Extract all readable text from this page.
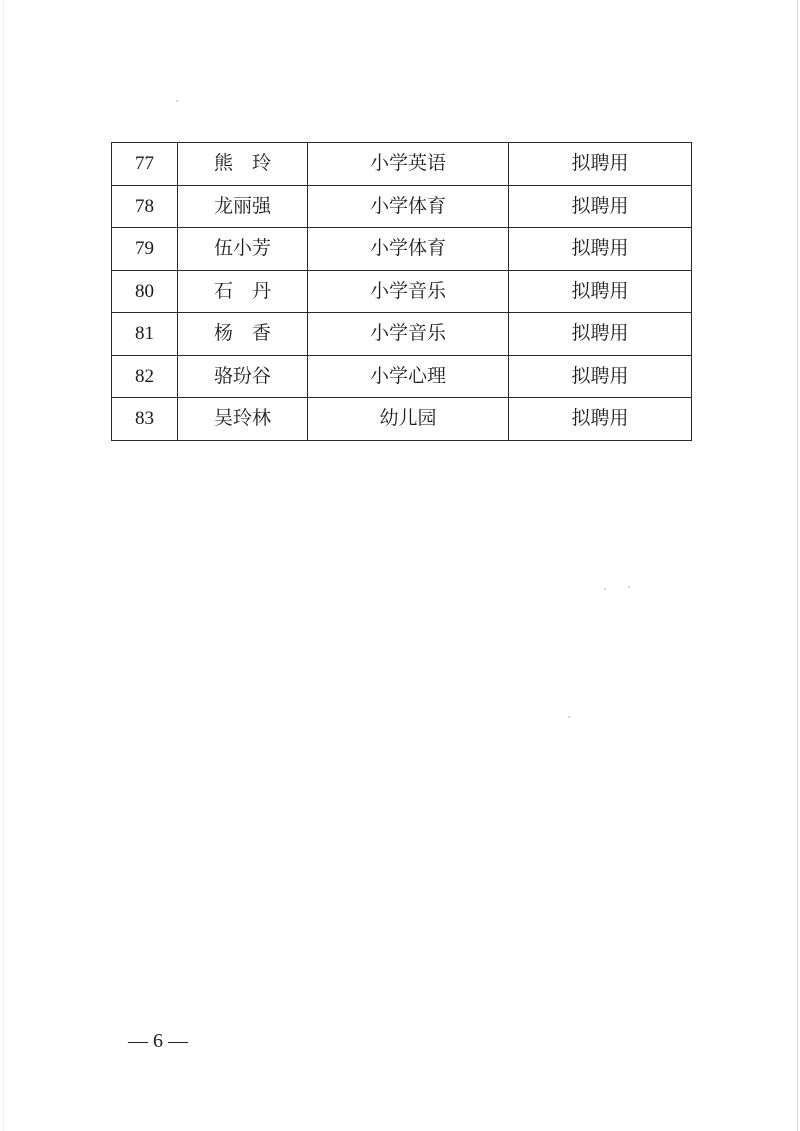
77	熊　玲	小学英语	拟聘用
78	龙丽强	小学体育	拟聘用
79	伍小芳	小学体育	拟聘用
80	石　丹	小学音乐	拟聘用
81	杨　香	小学音乐	拟聘用
82	骆玢谷	小学心理	拟聘用
83	吴玲林	幼儿园	拟聘用
— 6 —
